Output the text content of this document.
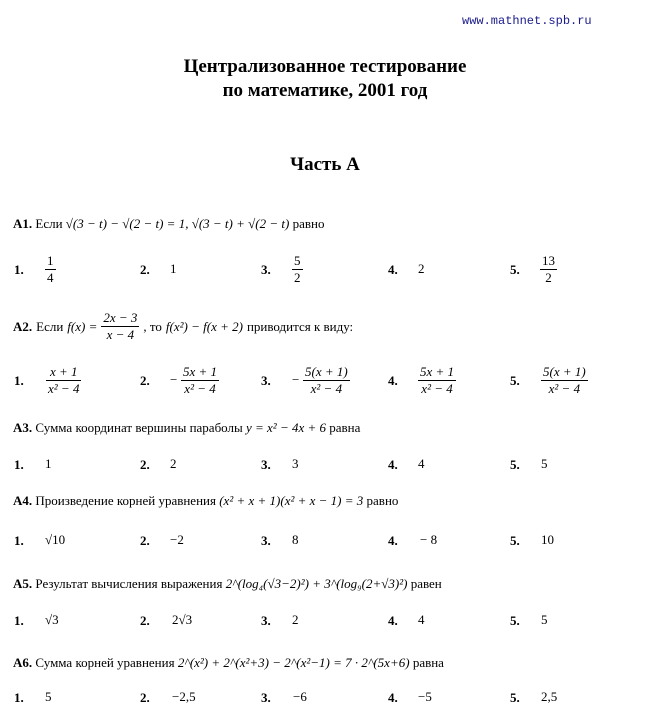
www.mathnet.spb.ru
Централизованное тестирование
по математике, 2001 год
Часть А
A1. Если √(3 − t) − √(2 − t) = 1, √(3 − t) + √(2 − t) равно
1. $\frac{1}{4}$	2. 1	3. $\frac{5}{2}$	4. 2	5. $\frac{13}{2}$
A2. Если $f(x) = \frac{2x - 3}{x - 4}$ , то f(x²) − f(x + 2) приводится к виду:
1. $\frac{x + 1}{\text{x² − 4}}$	2. − $\frac{5x + 1}{\text{x² − 4}}$	3. − $\frac{5(x + 1)}{\text{x² − 4}}$	4. $\frac{5x + 1}{\text{x² − 4}}$	5. $\frac{5(x + 1)}{\text{x² − 4}}$
A3. Сумма координат вершины параболы y = x² − 4x + 6 равна
1. 1	2. 2	3. 3	4. 4	5. 5
A4. Произведение корней уравнения (x² + x + 1)(x² + x − 1) = 3 равно
1. √10	2. −2	3. 8	4. − 8	5. 10
A5. Результат вычисления выражения 2^(log₄(√3−2)²) + 3^(log₉(2+√3)²) равен
1. √3	2. 2√3	3. 2	4. 4	5. 5
A6. Сумма корней уравнения 2^(x²) + 2^(x²+3) − 2^(x²−1) = 7 · 2^(5x+6) равна
1. 5	2. −2,5	3. −6	4. −5	5. 2,5
